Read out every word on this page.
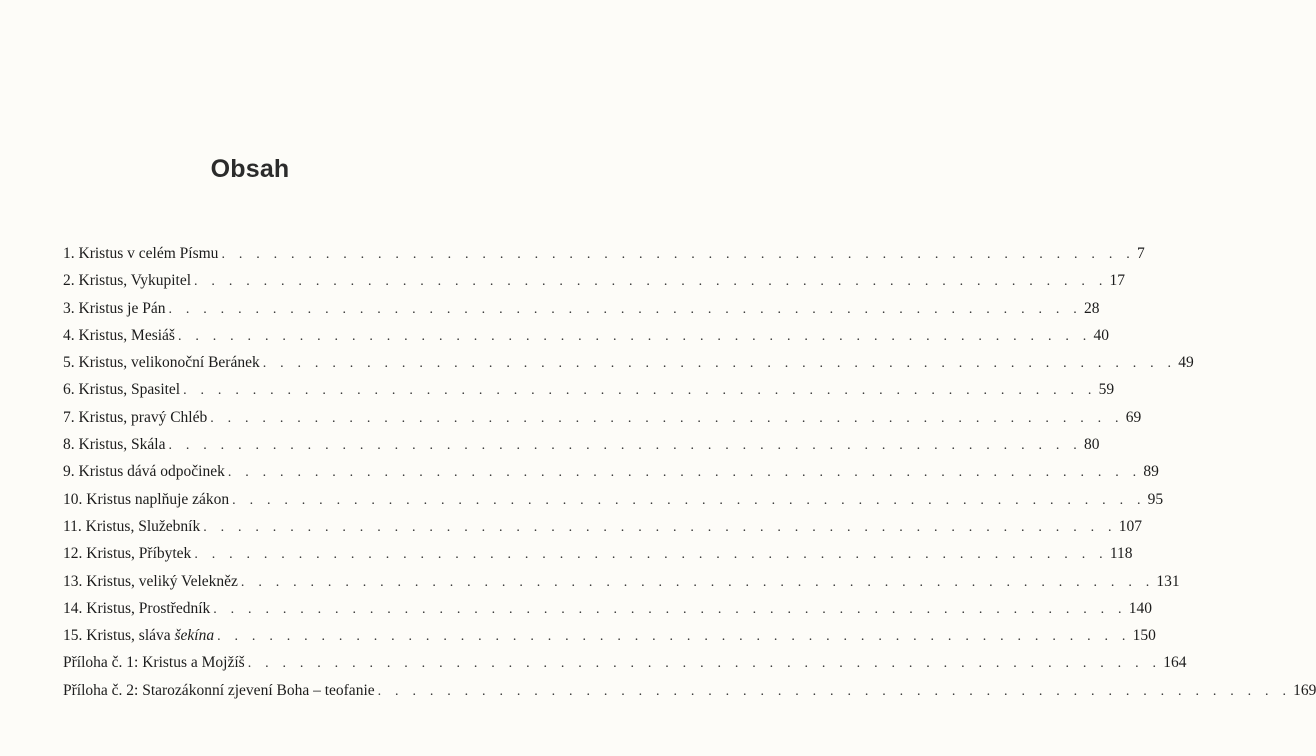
Obsah
1. Kristus v celém Písmu . . . . . . . . . . . . . . . . . . . . . . . . . . . . . . . . . . . . . . . . . . . . . . . . . . . . . 7
2. Kristus, Vykupitel . . . . . . . . . . . . . . . . . . . . . . . . . . . . . . . . . . . . . . . . . . . . . . . . . . . . . 17
3. Kristus je Pán . . . . . . . . . . . . . . . . . . . . . . . . . . . . . . . . . . . . . . . . . . . . . . . . . . . . . 28
4. Kristus, Mesiáš . . . . . . . . . . . . . . . . . . . . . . . . . . . . . . . . . . . . . . . . . . . . . . . . . . . . . 40
5. Kristus, velikonoční Beránek . . . . . . . . . . . . . . . . . . . . . . . . . . . . . . . . . . . . . . . . . . . . . . . . . . . . . 49
6. Kristus, Spasitel . . . . . . . . . . . . . . . . . . . . . . . . . . . . . . . . . . . . . . . . . . . . . . . . . . . . . 59
7. Kristus, pravý Chléb . . . . . . . . . . . . . . . . . . . . . . . . . . . . . . . . . . . . . . . . . . . . . . . . . . . . . 69
8. Kristus, Skála . . . . . . . . . . . . . . . . . . . . . . . . . . . . . . . . . . . . . . . . . . . . . . . . . . . . . 80
9. Kristus dává odpočinek . . . . . . . . . . . . . . . . . . . . . . . . . . . . . . . . . . . . . . . . . . . . . . . . . . . . . 89
10. Kristus naplňuje zákon . . . . . . . . . . . . . . . . . . . . . . . . . . . . . . . . . . . . . . . . . . . . . . . . . . . . . 95
11. Kristus, Služebník . . . . . . . . . . . . . . . . . . . . . . . . . . . . . . . . . . . . . . . . . . . . . . . . . . . . . 107
12. Kristus, Příbytek . . . . . . . . . . . . . . . . . . . . . . . . . . . . . . . . . . . . . . . . . . . . . . . . . . . . . 118
13. Kristus, veliký Velekněz . . . . . . . . . . . . . . . . . . . . . . . . . . . . . . . . . . . . . . . . . . . . . . . . . . . . . 131
14. Kristus, Prostředník . . . . . . . . . . . . . . . . . . . . . . . . . . . . . . . . . . . . . . . . . . . . . . . . . . . . . 140
15. Kristus, sláva šekína . . . . . . . . . . . . . . . . . . . . . . . . . . . . . . . . . . . . . . . . . . . . . . . . . . . . . 150
Příloha č. 1: Kristus a Mojžíš . . . . . . . . . . . . . . . . . . . . . . . . . . . . . . . . . . . . . . . . . . . . . . . . . . . . . 164
Příloha č. 2: Starozákonní zjevení Boha – teofanie . . . . . . . . . . . . . . . . . . . . . . . . . . . . . . . . . . . . . . . . . . . . . . . . . . . . . 169
